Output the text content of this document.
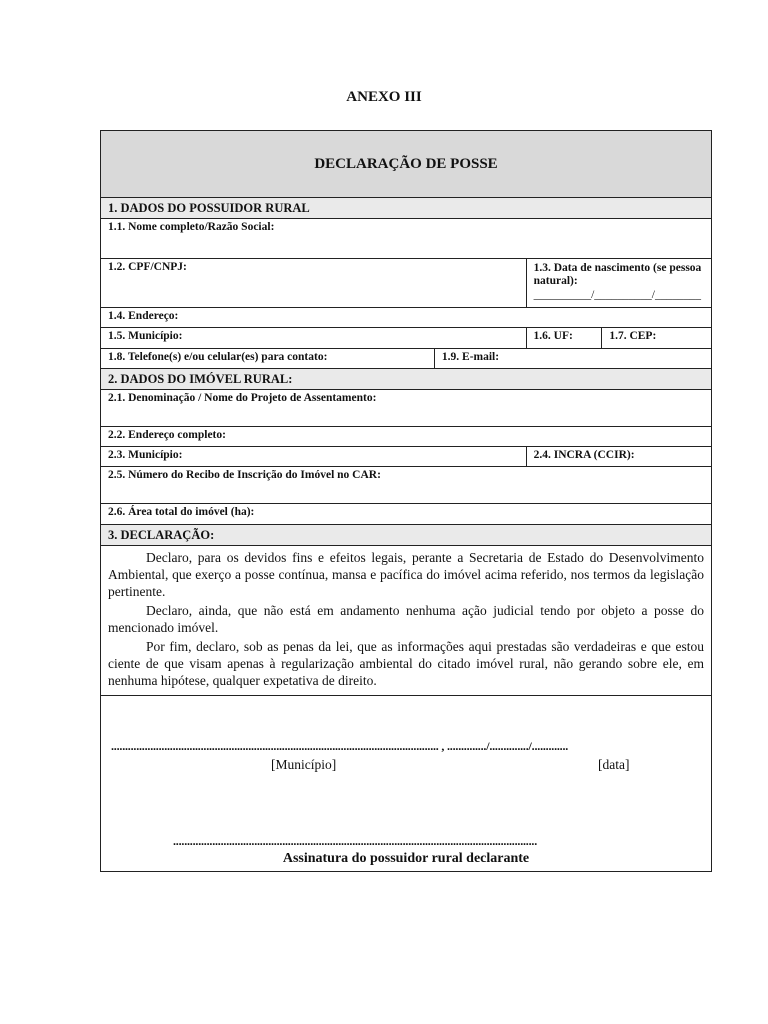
ANEXO III
DECLARAÇÃO DE POSSE
1. DADOS DO POSSUIDOR RURAL
1.1. Nome completo/Razão Social:
1.2. CPF/CNPJ:	1.3. Data de nascimento (se pessoa natural):
__________/__________/________
1.4. Endereço:
1.5. Município:	1.6. UF:	1.7. CEP:
1.8. Telefone(s) e/ou celular(es) para contato:	1.9. E-mail:
2. DADOS DO IMÓVEL RURAL:
2.1. Denominação / Nome do Projeto de Assentamento:
2.2. Endereço completo:
2.3. Município:	2.4. INCRA (CCIR):
2.5. Número do Recibo de Inscrição do Imóvel no CAR:
2.6. Área total do imóvel (ha):
3. DECLARAÇÃO:

Declaro, para os devidos fins e efeitos legais, perante a Secretaria de Estado do Desenvolvimento Ambiental, que exerço a posse contínua, mansa e pacífica do imóvel acima referido, nos termos da legislação pertinente.

Declaro, ainda, que não está em andamento nenhuma ação judicial tendo por objeto a posse do mencionado imóvel.

Por fim, declaro, sob as penas da lei, que as informações aqui prestadas são verdadeiras e que estou ciente de que visam apenas à regularização ambiental do citado imóvel rural, não gerando sobre ele, em nenhuma hipótese, qualquer expetativa de direito.

..................................................................................................................... , ............../............../.............
[Município]	[data]
..................................................................................................................................
Assinatura do possuidor rural declarante
